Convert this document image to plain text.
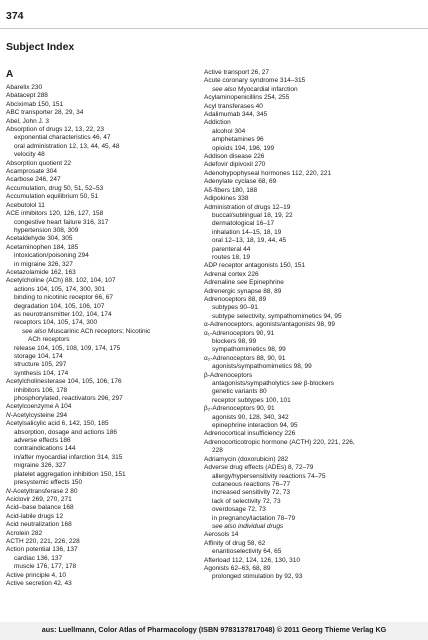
374
Subject Index
A
Abarelix 230
Abatacept 288
Abciximab 150, 151
ABC transporter 28, 29, 34
Abel, John J. 3
Absorption of drugs 12, 13, 22, 23
exponential characteristics 46, 47
oral administration 12, 13, 44, 45, 48
velocity 48
Absorption quotient 22
Acamprosate 304
Acarbose 246, 247
Accumulation, drug 50, 51, 52–53
Accumulation equilibrium 50, 51
Acebutolol 11
ACE inhibitors 120, 126, 127, 158
congestive heart failure 316, 317
hypertension 308, 309
Acetaldehyde 304, 305
Acetaminophen 184, 185
intoxication/poisoning 294
in migraine 326, 327
Acetazolamide 162, 163
Acetylcholine (ACh) 88, 102, 104, 107
actions 104, 105, 174, 300, 301
binding to nicotinic receptor 66, 67
degradation 104, 105, 106, 107
as neurotransmitter 102, 104, 174
receptors 104, 105, 174, 300
see also Muscarinic ACh receptors; Nicotinic
ACh receptors
release 104, 105, 108, 109, 174, 175
storage 104, 174
structure 105, 297
synthesis 104, 174
Acetylcholinesterase 104, 105, 106, 176
inhibitors 106, 178
phosphorylated, reactivators 296, 297
Acetylcoenzyme A 104
N-Acetylcysteine 294
Acetylsalicylic acid 6, 142, 150, 185
absorption, dosage and actions 186
adverse effects 186
contraindications 144
in/after myocardial infarction 314, 315
migraine 326, 327
platelet aggregation inhibition 150, 151
presystemic effects 150
N-Acetyltransferase 2 80
Aciclovir 269, 270, 271
Acid–base balance 168
Acid-labile drugs 12
Acid neutralization 168
Acrolein 282
ACTH 220, 221, 226, 228
Action potential 136, 137
cardiac 136, 137
muscle 176, 177, 178
Active principle 4, 10
Active secretion 42, 43
Active transport 26, 27
Acute coronary syndrome 314–315
see also Myocardial infarction
Acylaminopenicillins 254, 255
Acyl transferases 40
Adalimumab 344, 345
Addiction
alcohol 304
amphetamines 96
opioids 194, 196, 199
Addison disease 226
Adefovir dipivoxil 270
Adenohypophyseal hormones 112, 220, 221
Adenylate cyclase 68, 69
Aδ-fibers 180, 188
Adipokines 338
Administration of drugs 12–19
buccal/sublingual 18, 19, 22
dermatological 16–17
inhalation 14–15, 18, 19
oral 12–13, 18, 19, 44, 45
parenteral 44
routes 18, 19
ADP receptor antagonists 150, 151
Adrenal cortex 226
Adrenaline see Epinephrine
Adrenergic synapse 88, 89
Adrenoceptors 88, 89
subtypes 90–91
subtype selectivity, sympathomimetics 94, 95
α-Adrenoceptors, agonists/antagonists 98, 99
α₁-Adrenoceptors 90, 91
blockers 98, 99
sympathomimetics 98, 99
α₂-Adrenoceptors 88, 90, 91
agonists/sympathomimetics 98, 99
β-Adrenoceptors
antagonists/sympatholytics see β-blockers
genetic variants 80
receptor subtypes 100, 101
β₂-Adrenoceptors 90, 91
agonists 90, 128, 340, 342
epinephrine interaction 94, 95
Adrenocortical insufficiency 226
Adrenocorticotropic hormone (ACTH) 220, 221, 226,
228
Adriamycin (doxorubicin) 282
Adverse drug effects (ADEs) 8, 72–79
allergy/hypersensitivity reactions 74–75
cutaneous reactions 76–77
increased sensitivity 72, 73
lack of selectivity 72, 73
overdosage 72, 73
in pregnancy/lactation 78–79
see also individual drugs
Aerosols 14
Affinity of drug 58, 62
enantioselectivity 64, 65
Afterload 112, 124, 126, 130, 310
Agonists 62–63, 68, 89
prolonged stimulation by 92, 93
aus: Luellmann, Color Atlas of Pharmacology (ISBN 9783137817048) © 2011 Georg Thieme Verlag KG
